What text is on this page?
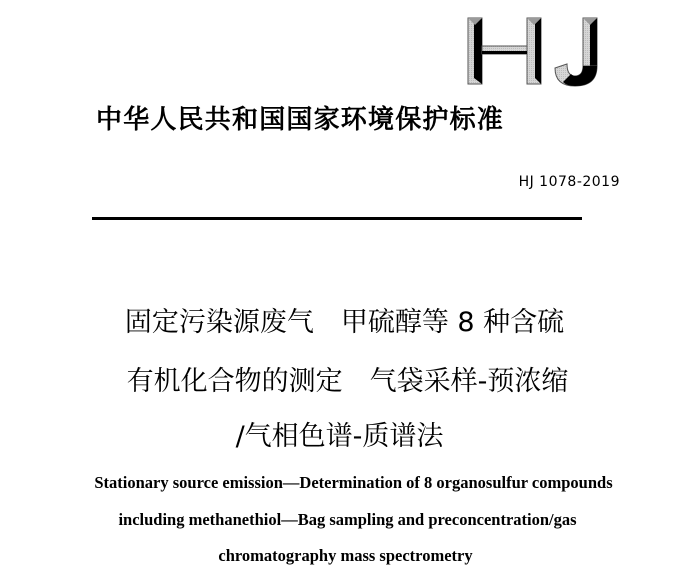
中华人民共和国国家环境保护标准
HJ 1078-2019
固定污染源废气　甲硫醇等 8 种含硫
有机化合物的测定　气袋采样-预浓缩
/气相色谱-质谱法
Stationary source emission—Determination of 8 organosulfur compounds
including methanethiol—Bag sampling and preconcentration/gas
chromatography mass spectrometry
